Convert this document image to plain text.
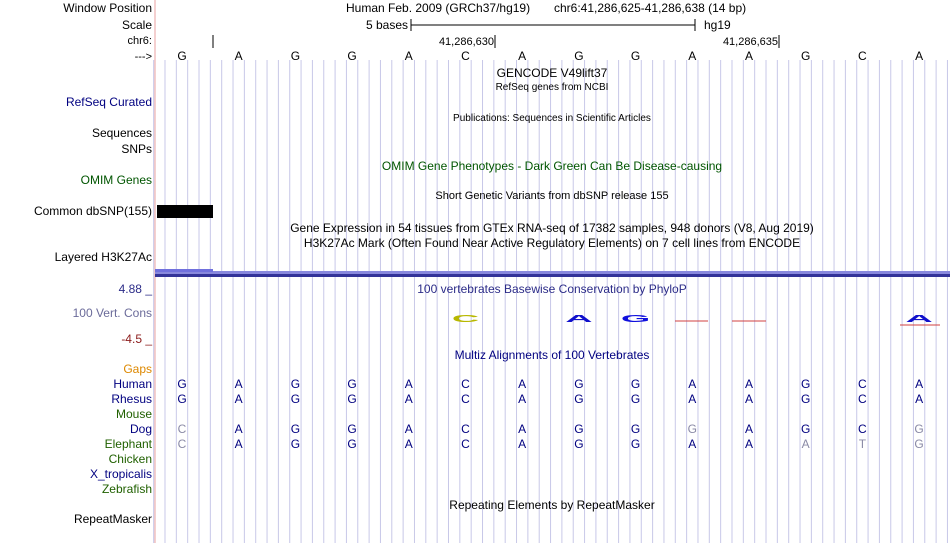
C	A G	A
Window Position	Human Feb. 2009 (GRCh37/hg19) chr6:41,286,625-41,286,638 (14 bp)
Scale	5 bases	hg19
chr6:	41,286,630	41,286,635
--->	G	A	G	G	A	C	A	G	G	A	A	G	C	A
GENCODE V49lift37
RefSeq genes from NCBI
RefSeq Curated
Publications: Sequences in Scientific Articles
Sequences
SNPs
OMIM Gene Phenotypes - Dark Green Can Be Disease-causing
OMIM Genes
Short Genetic Variants from dbSNP release 155
Common dbSNP(155)
Gene Expression in 54 tissues from GTEx RNA-seq of 17382 samples, 948 donors (V8, Aug 2019)
H3K27Ac Mark (Often Found Near Active Regulatory Elements) on 7 cell lines from ENCODE
Layered H3K27Ac
100 vertebrates Basewise Conservation by PhyloP
4.88 _
100 Vert. Cons
-4.5 _
Multiz Alignments of 100 Vertebrates
Gaps
Human	G	A	G	G	A	C	A	G	G	A	A	G	C	A
Rhesus	G	A	G	G	A	C	A	G	G	A	A	G	C	A
Mouse
Dog	C	A	G	G	A	C	A	G	G	G	A	G	C	G
Elephant	C	A	G	G	A	C	A	G	G	A	A	A	T	G
Chicken
X_tropicalis
Zebrafish
Repeating Elements by RepeatMasker
RepeatMasker
